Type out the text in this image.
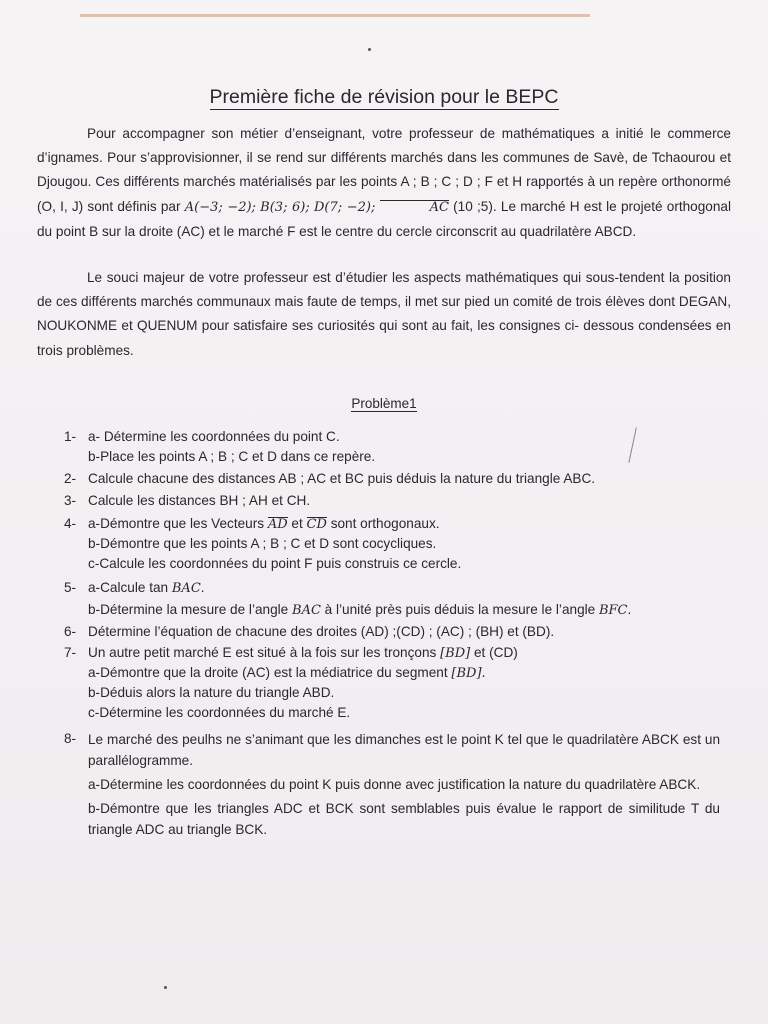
Première fiche de révision pour le BEPC

Pour accompagner son métier d’enseignant, votre professeur de mathématiques a initié le commerce d’ignames. Pour s’approvisionner, il se rend sur différents marchés dans les communes de Savè, de Tchaourou et Djougou. Ces différents marchés matérialisés par les points A ; B ; C ; D ; F et H rapportés à un repère orthonormé (O, I, J) sont définis par A(−3; −2); B(3; 6); D(7; −2);	AC (10 ;5). Le marché H est le projeté orthogonal du point B sur la droite (AC) et le marché F est le centre du cercle circonscrit au quadrilatère ABCD.

Le souci majeur de votre professeur est d’étudier les aspects mathématiques qui sous-tendent la position de ces différents marchés communaux mais faute de temps, il met sur pied un comité de trois élèves dont DEGAN, NOUKONME et QUENUM pour satisfaire ses curiosités qui sont au fait, les consignes ci- dessous condensées en trois problèmes.

Problème1
1- a- Détermine les coordonnées du point C.
b-Place les points A ; B ; C et D dans ce repère.
2- Calcule chacune des distances AB ; AC et BC puis déduis la nature du triangle ABC.
3- Calcule les distances BH ; AH et CH.
4- a-Démontre que les Vecteurs AD et CD sont orthogonaux.
b-Démontre que les points A ; B ; C et D sont cocycliques.
c-Calcule les coordonnées du point F puis construis ce cercle.
5- a-Calcule tan BAC.
b-Détermine la mesure de l’angle BAC à l’unité près puis déduis la mesure le l’angle BFC.
6- Détermine l’équation de chacune des droites (AD) ;(CD) ; (AC) ; (BH) et (BD).
7- Un autre petit marché E est situé à la fois sur les tronçons [BD] et (CD)
a-Démontre que la droite (AC) est la médiatrice du segment [BD].
b-Déduis alors la nature du triangle ABD.
c-Détermine les coordonnées du marché E.
8- Le marché des peulhs ne s’animant que les dimanches est le point K tel que le quadrilatère ABCK est un parallélogramme.
a-Détermine les coordonnées du point K puis donne avec justification la nature du quadrilatère ABCK.
b-Démontre que les triangles ADC et BCK sont semblables puis évalue le rapport de similitude T du triangle ADC au triangle BCK.
